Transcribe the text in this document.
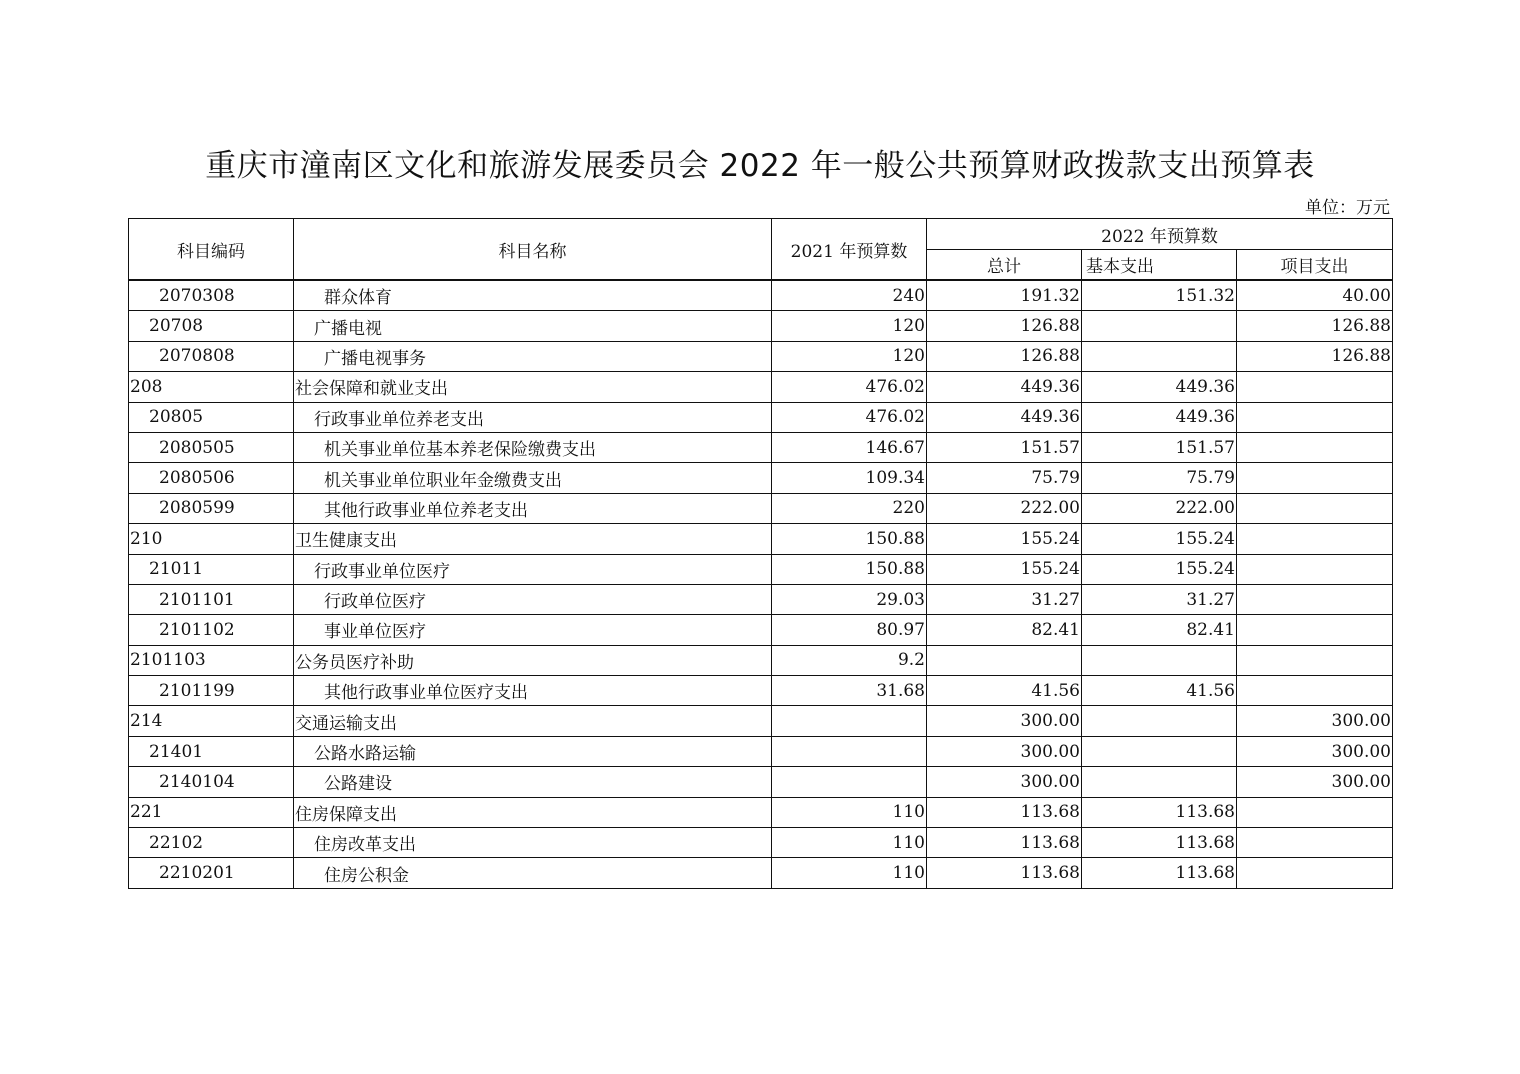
重庆市潼南区文化和旅游发展委员会 2022 年一般公共预算财政拨款支出预算表
单位：万元
科目编码	科目名称	2021 年预算数	2022 年预算数		
			总计	基本支出	项目支出
2070308	群众体育	240	191.32	151.32	40.00
20708	广播电视	120	126.88		126.88
2070808	广播电视事务	120	126.88		126.88
208	社会保障和就业支出	476.02	449.36	449.36	
20805	行政事业单位养老支出	476.02	449.36	449.36	
2080505	机关事业单位基本养老保险缴费支出	146.67	151.57	151.57	
2080506	机关事业单位职业年金缴费支出	109.34	75.79	75.79	
2080599	其他行政事业单位养老支出	220	222.00	222.00	
210	卫生健康支出	150.88	155.24	155.24	
21011	行政事业单位医疗	150.88	155.24	155.24	
2101101	行政单位医疗	29.03	31.27	31.27	
2101102	事业单位医疗	80.97	82.41	82.41	
2101103	公务员医疗补助	9.2			
2101199	其他行政事业单位医疗支出	31.68	41.56	41.56	
214	交通运输支出		300.00		300.00
21401	公路水路运输		300.00		300.00
2140104	公路建设		300.00		300.00
221	住房保障支出	110	113.68	113.68	
22102	住房改革支出	110	113.68	113.68	
2210201	住房公积金	110	113.68	113.68	
